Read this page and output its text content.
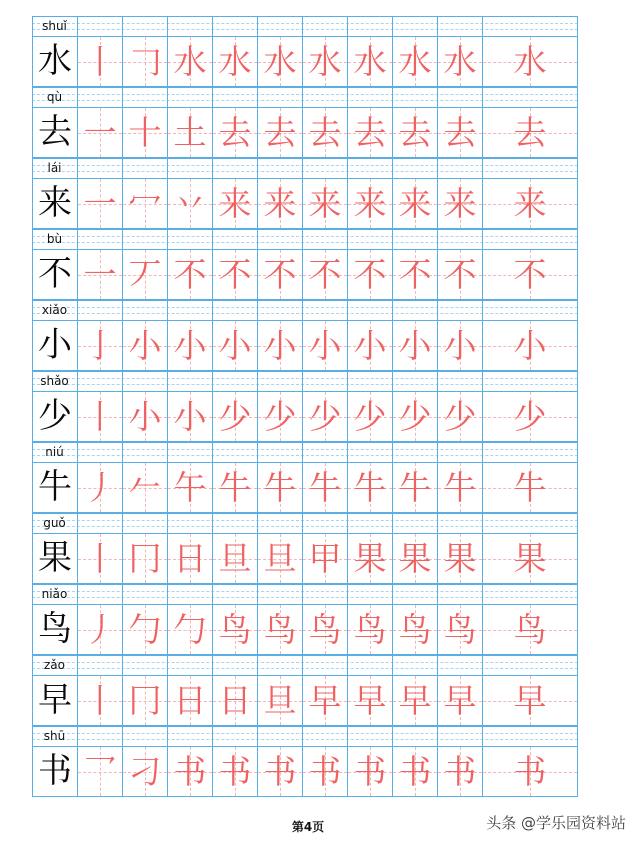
shuǐ
水 丨 𠃌 水 水 水 水 水 水 水	水
qù
去 一 十 土 去 去 去 去 去 去	去
lái
来 一 冖 丷 来 来 来 来 来 来	来
bù
不 一 丆 不 不 不 不 不 不 不	不
xiǎo
小 亅 小 小 小 小 小 小 小 小	小
shǎo
少 丨 小 小 少 少 少 少 少 少	少
niú
牛 丿 𠂉 午 牛 牛 牛 牛 牛 牛	牛
guǒ
果 丨 冂 日 旦 旦 甲 果 果 果	果
niǎo
鸟 丿 勹 勹 鸟 鸟 鸟 鸟 鸟 鸟	鸟
zǎo
早 丨 冂 日 日 旦 早 早 早 早	早
shū
书 乛 刁 书 书 书 书 书 书 书	书
第4页	头条 @学乐园资料站
